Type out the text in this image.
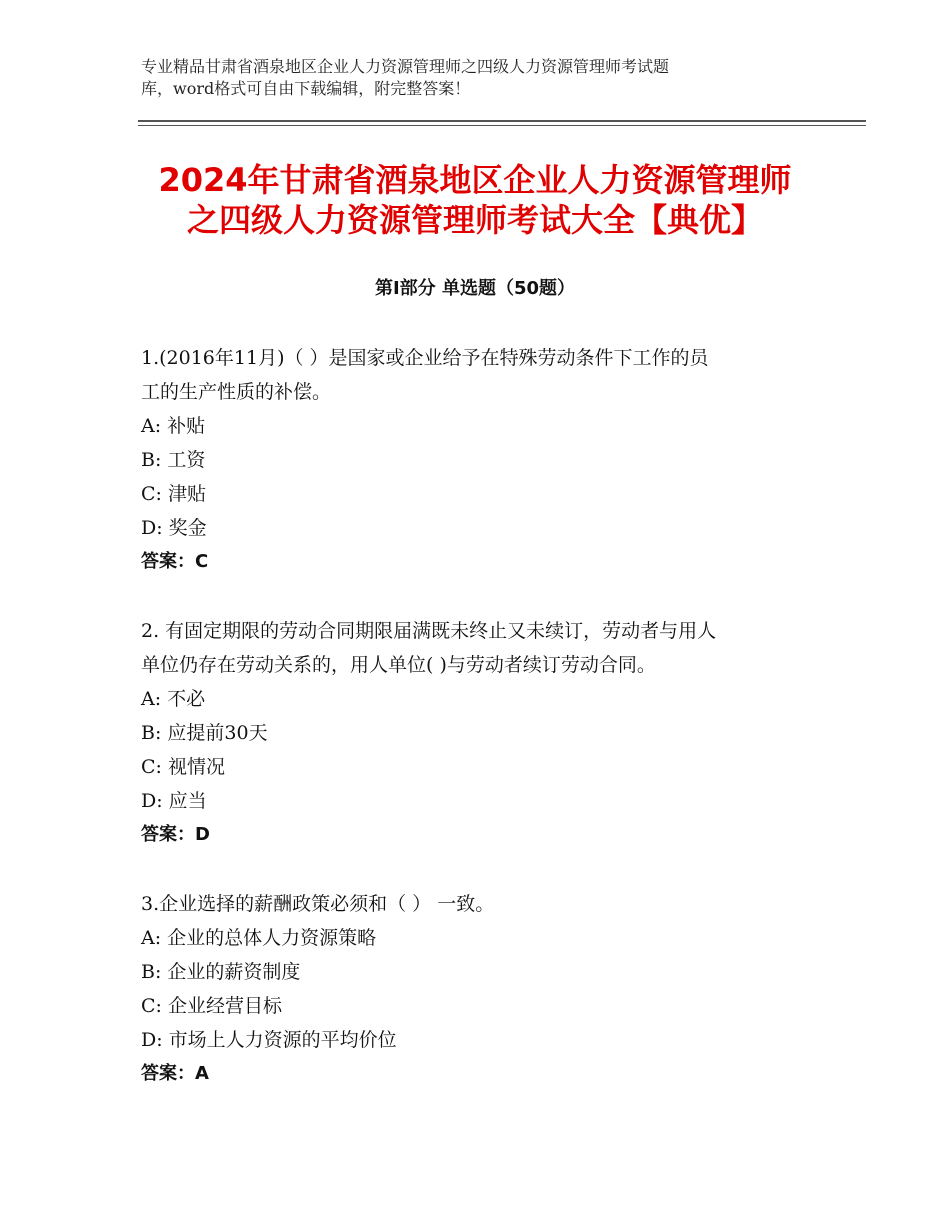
专业精品甘肃省酒泉地区企业人力资源管理师之四级人力资源管理师考试题
库，word格式可自由下载编辑，附完整答案！
2024年甘肃省酒泉地区企业人力资源管理师
之四级人力资源管理师考试大全【典优】
第Ⅰ部分 单选题（50题）
1.(2016年11月)（ ）是国家或企业给予在特殊劳动条件下工作的员
工的生产性质的补偿。
A: 补贴
B: 工资
C: 津贴
D: 奖金
答案：C
2. 有固定期限的劳动合同期限届满既未终止又未续订，劳动者与用人
单位仍存在劳动关系的，用人单位( )与劳动者续订劳动合同。
A: 不必
B: 应提前30天
C: 视情况
D: 应当
答案：D
3.企业选择的薪酬政策必须和（ ） 一致。
A: 企业的总体人力资源策略
B: 企业的薪资制度
C: 企业经营目标
D: 市场上人力资源的平均价位
答案：A
